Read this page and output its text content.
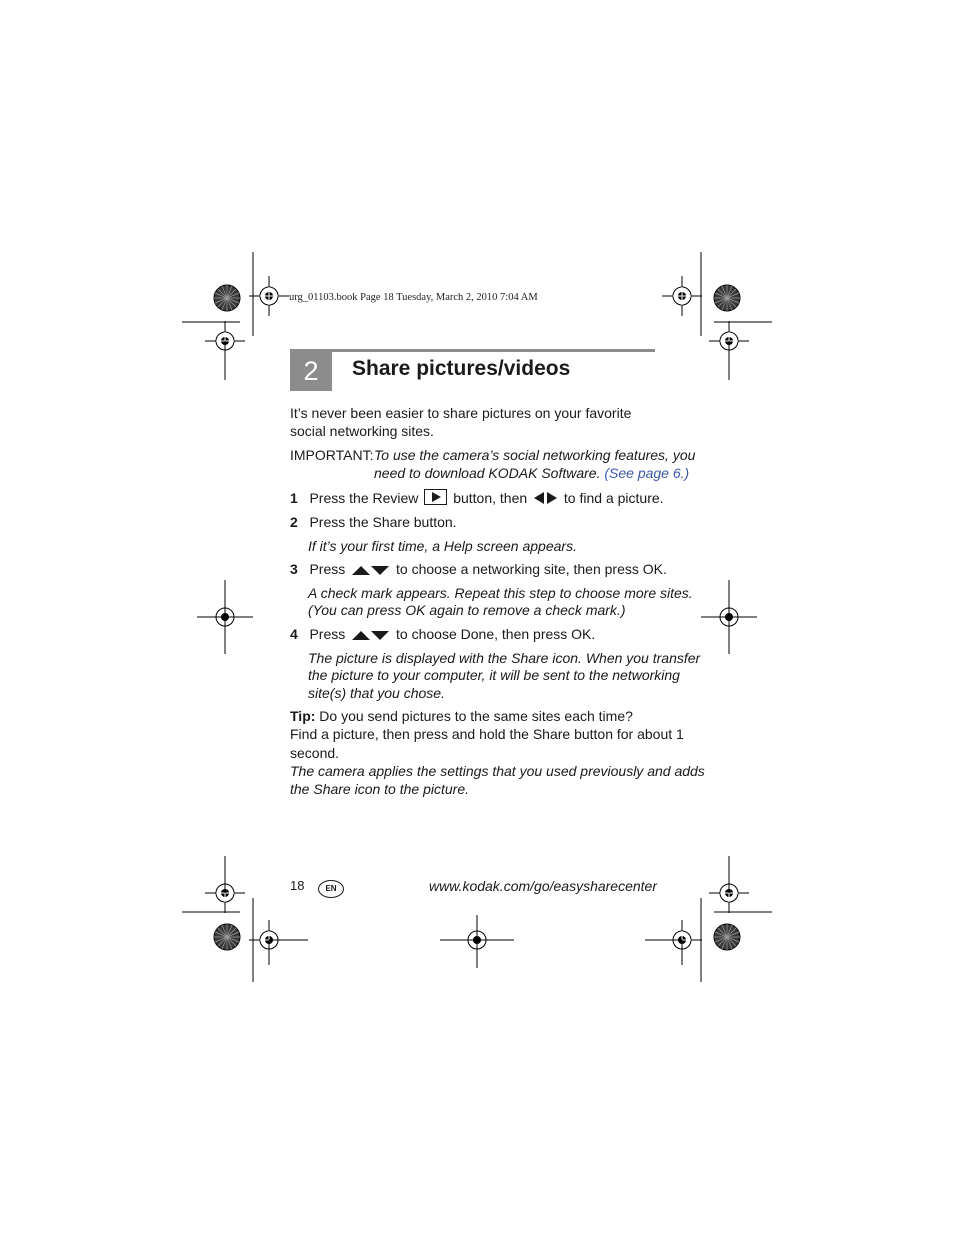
urg_01103.book Page 18 Tuesday, March 2, 2010 7:04 AM
2	Share pictures/videos
It’s never been easier to share pictures on your favorite social networking sites.
IMPORTANT: To use the camera’s social networking features, you
need to download KODAK Software. (See page 6.)
1 Press the Review button, then	to find a picture.
2 Press the Share button.
If it’s your first time, a Help screen appears.
3 Press	to choose a networking site, then press OK.
A check mark appears. Repeat this step to choose more sites.
(You can press OK again to remove a check mark.)
4 Press	to choose Done, then press OK.
The picture is displayed with the Share icon. When you transfer
the picture to your computer, it will be sent to the networking
site(s) that you chose.
Tip: Do you send pictures to the same sites each time?
Find a picture, then press and hold the Share button for about 1
second.
The camera applies the settings that you used previously and adds
the Share icon to the picture.
18	EN	www.kodak.com/go/easysharecenter
